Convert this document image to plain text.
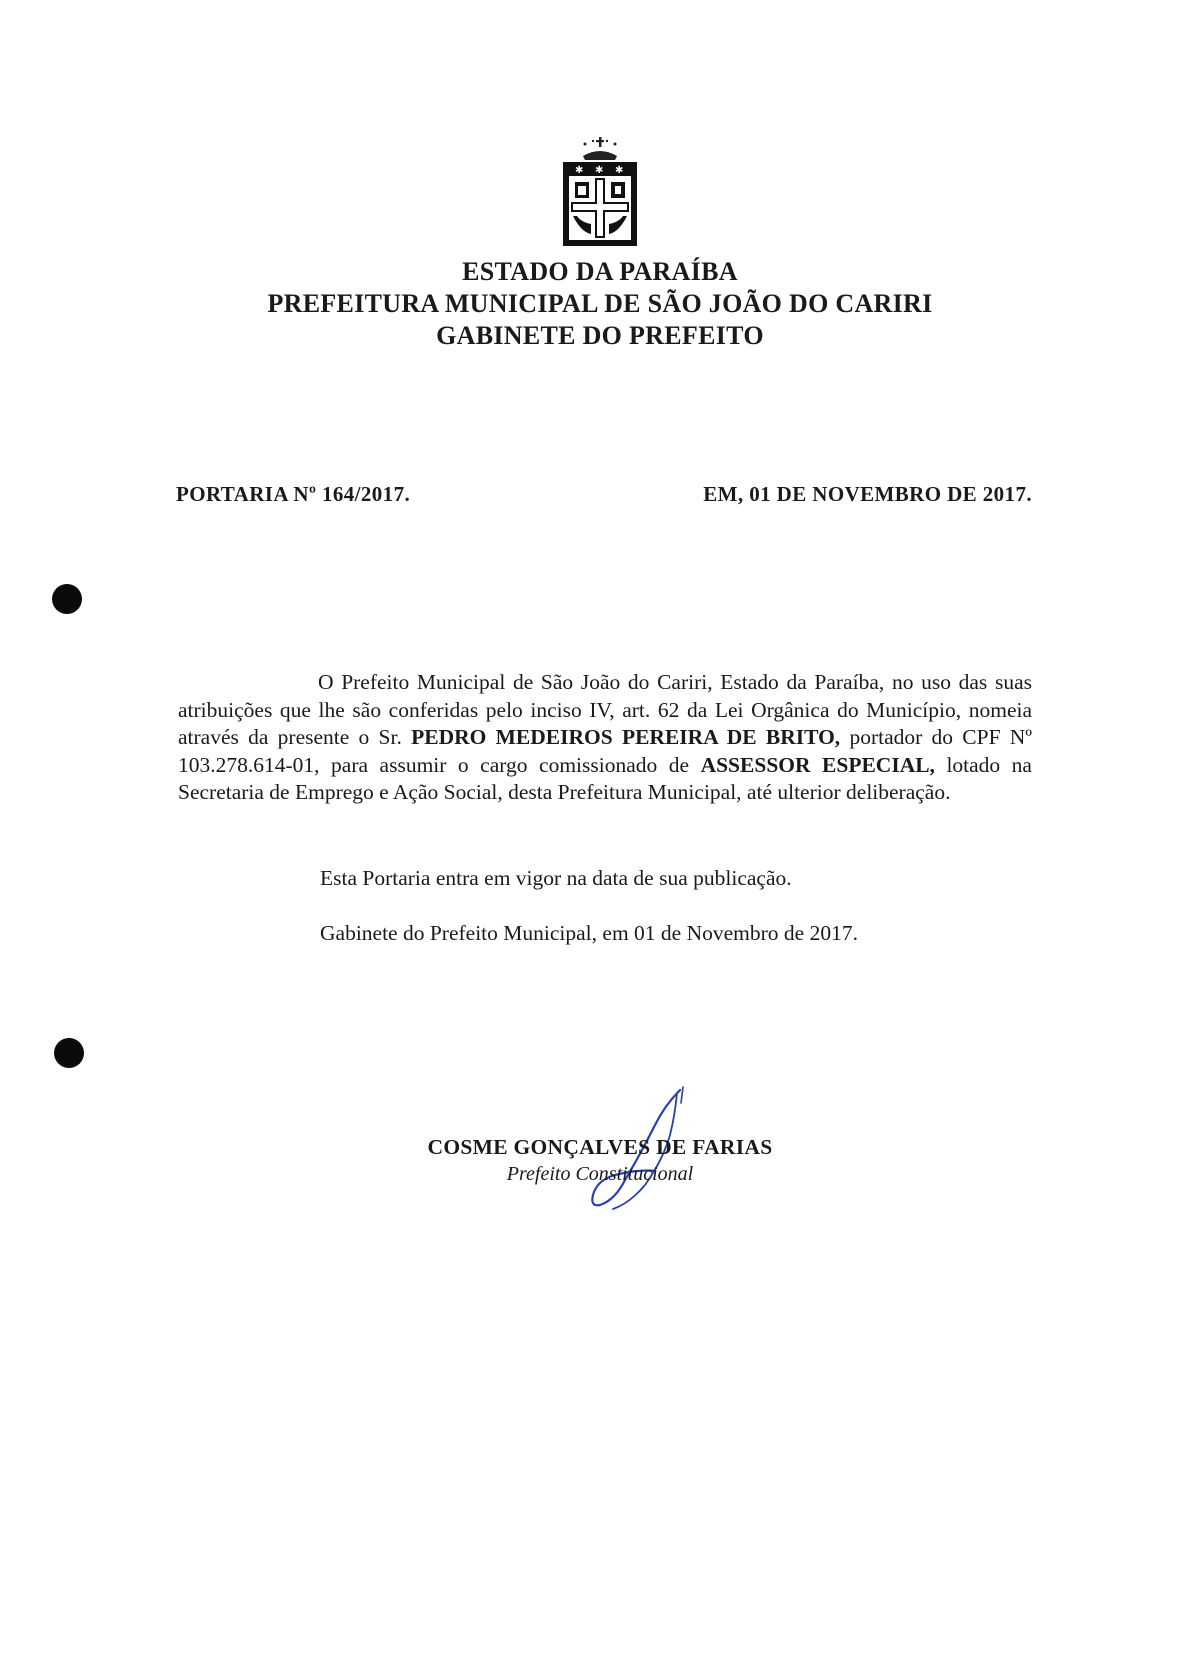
✱ ✱ ✱
ESTADO DA PARAÍBA
PREFEITURA MUNICIPAL DE SÃO JOÃO DO CARIRI
GABINETE DO PREFEITO
PORTARIA Nº 164/2017.	EM, 01 DE NOVEMBRO DE 2017.
O Prefeito Municipal de São João do Cariri, Estado da Paraíba, no uso das suas atribuições que lhe são conferidas pelo inciso IV, art. 62 da Lei Orgânica do Município, nomeia através da presente o Sr. PEDRO MEDEIROS PEREIRA DE BRITO, portador do CPF Nº 103.278.614-01, para assumir o cargo comissionado de ASSESSOR ESPECIAL, lotado na Secretaria de Emprego e Ação Social, desta Prefeitura Municipal, até ulterior deliberação.
Esta Portaria entra em vigor na data de sua publicação.
Gabinete do Prefeito Municipal, em 01 de Novembro de 2017.
COSME GONÇALVES DE FARIAS
Prefeito Constitucional
